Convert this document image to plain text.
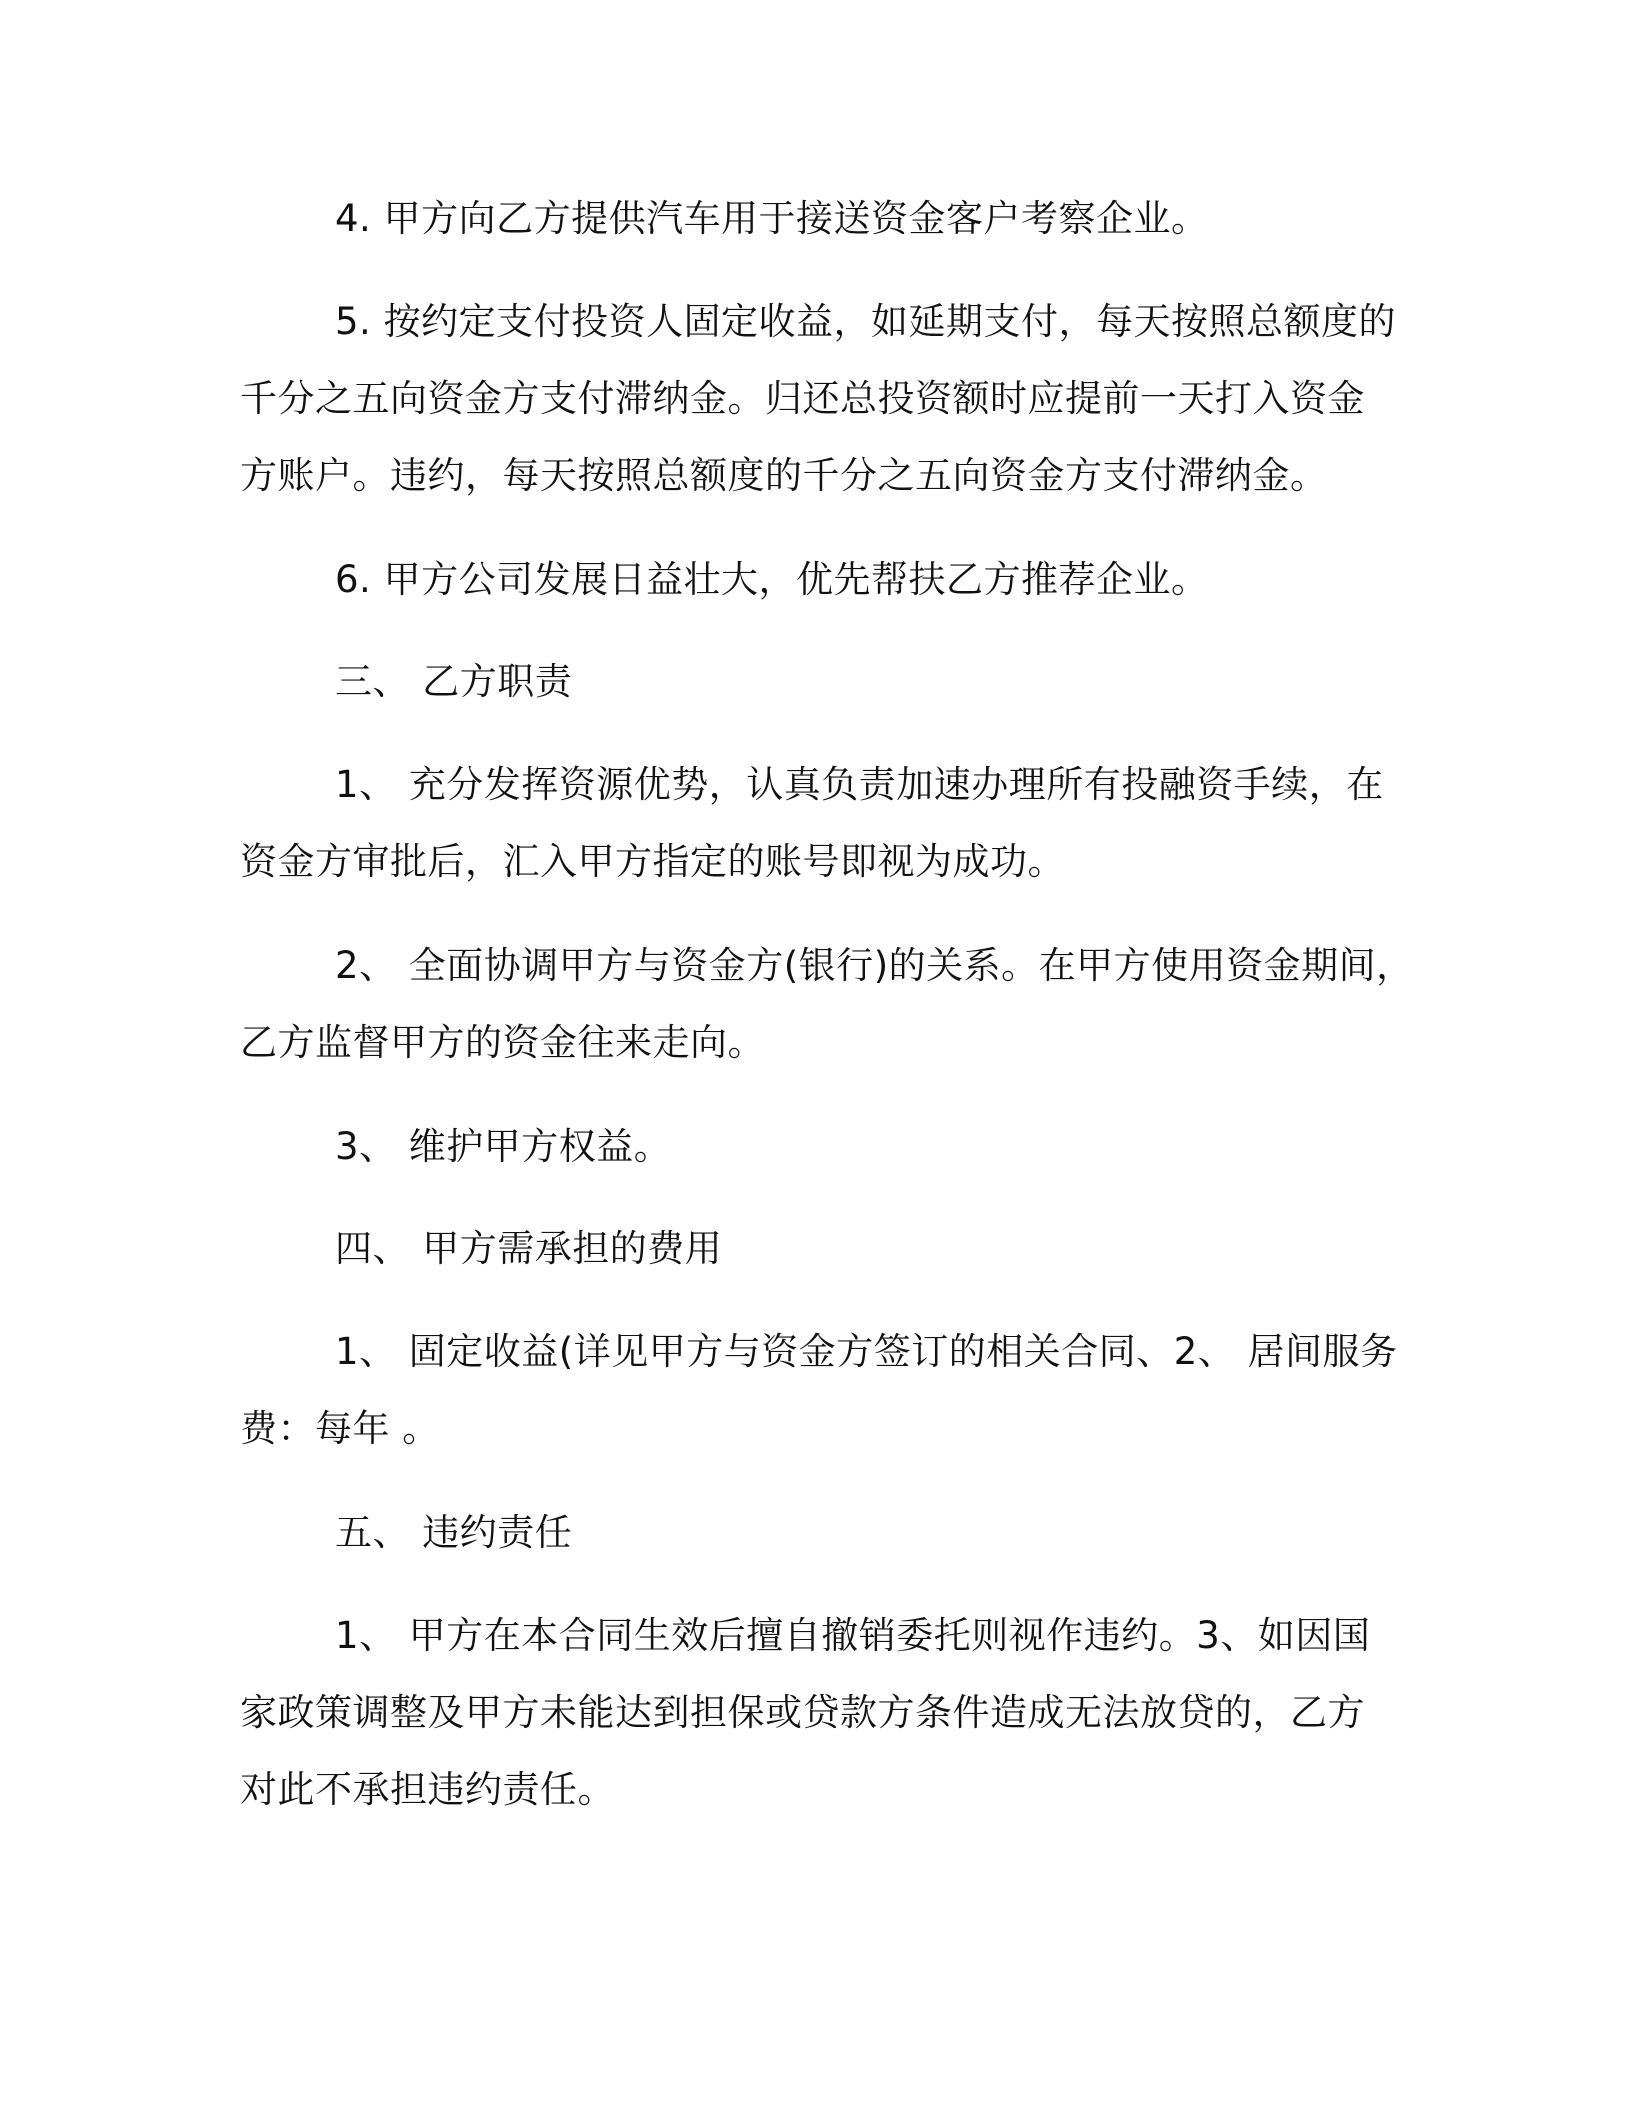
4. 甲方向乙方提供汽车用于接送资金客户考察企业。

5. 按约定支付投资人固定收益，如延期支付，每天按照总额度的
千分之五向资金方支付滞纳金。归还总投资额时应提前一天打入资金
方账户。违约，每天按照总额度的千分之五向资金方支付滞纳金。

6. 甲方公司发展日益壮大，优先帮扶乙方推荐企业。

三、 乙方职责

1、 充分发挥资源优势，认真负责加速办理所有投融资手续，在
资金方审批后，汇入甲方指定的账号即视为成功。

2、 全面协调甲方与资金方(银行)的关系。在甲方使用资金期间，
乙方监督甲方的资金往来走向。

3、 维护甲方权益。

四、 甲方需承担的费用

1、 固定收益(详见甲方与资金方签订的相关合同、2、 居间服务
费：每年 。

五、 违约责任

1、 甲方在本合同生效后擅自撤销委托则视作违约。3、如因国
家政策调整及甲方未能达到担保或贷款方条件造成无法放贷的，乙方
对此不承担违约责任。
